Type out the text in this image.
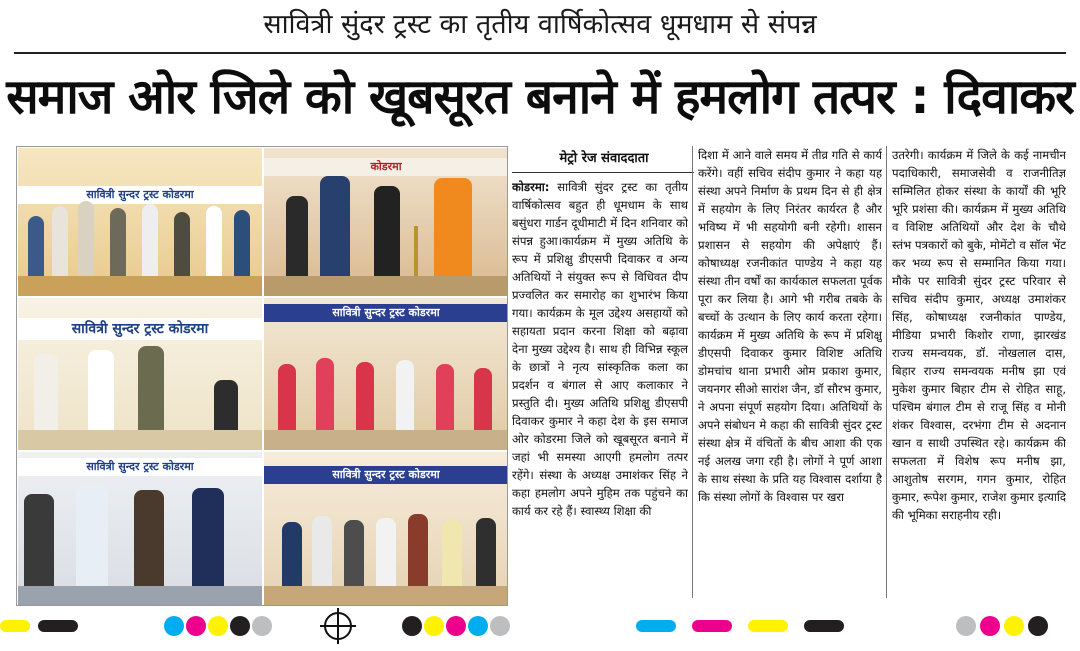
सावित्री सुंदर ट्रस्ट का तृतीय वार्षिकोत्सव धूमधाम से संपन्न
समाज ओर जिले को खूबसूरत बनाने में हमलोग तत्पर : दिवाकर
सावित्री सुन्दर ट्रस्ट कोडरमा
कोडरमा
सावित्री सुन्दर ट्रस्ट कोडरमा
सावित्री सुन्दर ट्रस्ट कोडरमा
सावित्री सुन्दर ट्रस्ट कोडरमा
सावित्री सुन्दर ट्रस्ट कोडरमा
मेट्रो रेज संवाददाता
कोडरमा: सावित्री सुंदर ट्रस्ट का तृतीय वार्षिकोत्सव बहुत ही धूमधाम के साथ बसुंधरा गार्डन दूधीमाटी में दिन शनिवार को संपन्न हुआ।कार्यक्रम में मुख्य अतिथि के रूप में प्रशिक्षु डीएसपी दिवाकर व अन्य अतिथियों ने संयुक्त रूप से विधिवत दीप प्रज्वलित कर समारोह का शुभारंभ किया गया। कार्यक्रम के मूल उद्देश्य असहायों को सहायता प्रदान करना शिक्षा को बढ़ावा देना मुख्य उद्देश्य है। साथ ही विभिन्न स्कूल के छात्रों ने नृत्य सांस्कृतिक कला का प्रदर्शन व बंगाल से आए कलाकार ने प्रस्तुति दी। मुख्य अतिथि प्रशिक्षु डीएसपी दिवाकर कुमार ने कहा देश के इस समाज ओर कोडरमा जिले को खूबसूरत बनाने में जहां भी समस्या आएगी हमलोग तत्पर रहेंगे। संस्था के अध्यक्ष उमाशंकर सिंह ने कहा हमलोग अपने मुहिम तक पहुंचने का कार्य कर रहे हैं। स्वास्थ्य शिक्षा की
दिशा में आने वाले समय में तीव्र गति से कार्य करेंगे। वहीं सचिव संदीप कुमार ने कहा यह संस्था अपने निर्माण के प्रथम दिन से ही क्षेत्र में सहयोग के लिए निरंतर कार्यरत है और भविष्य में भी सहयोगी बनी रहेगी। शासन प्रशासन से सहयोग की अपेक्षाएं हैं। कोषाध्यक्ष रजनीकांत पाण्डेय ने कहा यह संस्था तीन वर्षों का कार्यकाल सफलता पूर्वक पूरा कर लिया है। आगे भी गरीब तबके के बच्चों के उत्थान के लिए कार्य करता रहेगा। कार्यक्रम में मुख्य अतिथि के रूप में प्रशिक्षु डीएसपी दिवाकर कुमार विशिष्ट अतिथि डोमचांच थाना प्रभारी ओम प्रकाश कुमार, जयनगर सीओ सारांश जैन, डॉ सौरभ कुमार, ने अपना संपूर्ण सहयोग दिया। अतिथियों के अपने संबोधन मे कहा की सावित्री सुंदर ट्रस्ट संस्था क्षेत्र में वंचितों के बीच आशा की एक नई अलख जगा रही है। लोगों ने पूर्ण आशा के साथ संस्था के प्रति यह विश्वास दर्शाया है कि संस्था लोगों के विश्वास पर खरा
उतरेगी। कार्यक्रम में जिले के कई नामचीन पदाधिकारी, समाजसेवी व राजनीतिज्ञ सम्मिलित होकर संस्था के कार्यों की भूरि भूरि प्रशंसा की। कार्यक्रम में मुख्य अतिथि व विशिष्ट अतिथियों और देश के चौथे स्तंभ पत्रकारों को बुके, मोमेंटो व सॉल भेंट कर भव्य रूप से सम्मानित किया गया। मौके पर सावित्री सुंदर ट्रस्ट परिवार से सचिव संदीप कुमार, अध्यक्ष उमाशंकर सिंह, कोषाध्यक्ष रजनीकांत पाण्डेय, मीडिया प्रभारी किशोर राणा, झारखंड राज्य समन्वयक, डॉ. नोखलाल दास, बिहार राज्य समन्वयक मनीष झा एवं मुकेश कुमार बिहार टीम से रोहित साहू, पश्चिम बंगाल टीम से राजू सिंह व मोनी शंकर विश्वास, दरभंगा टीम से अदनान खान व साथी उपस्थित रहे। कार्यक्रम की सफलता में विशेष रूप मनीष झा, आशुतोष सरगम, गगन कुमार, रोहित कुमार, रूपेश कुमार, राजेश कुमार इत्यादि की भूमिका सराहनीय रही।
